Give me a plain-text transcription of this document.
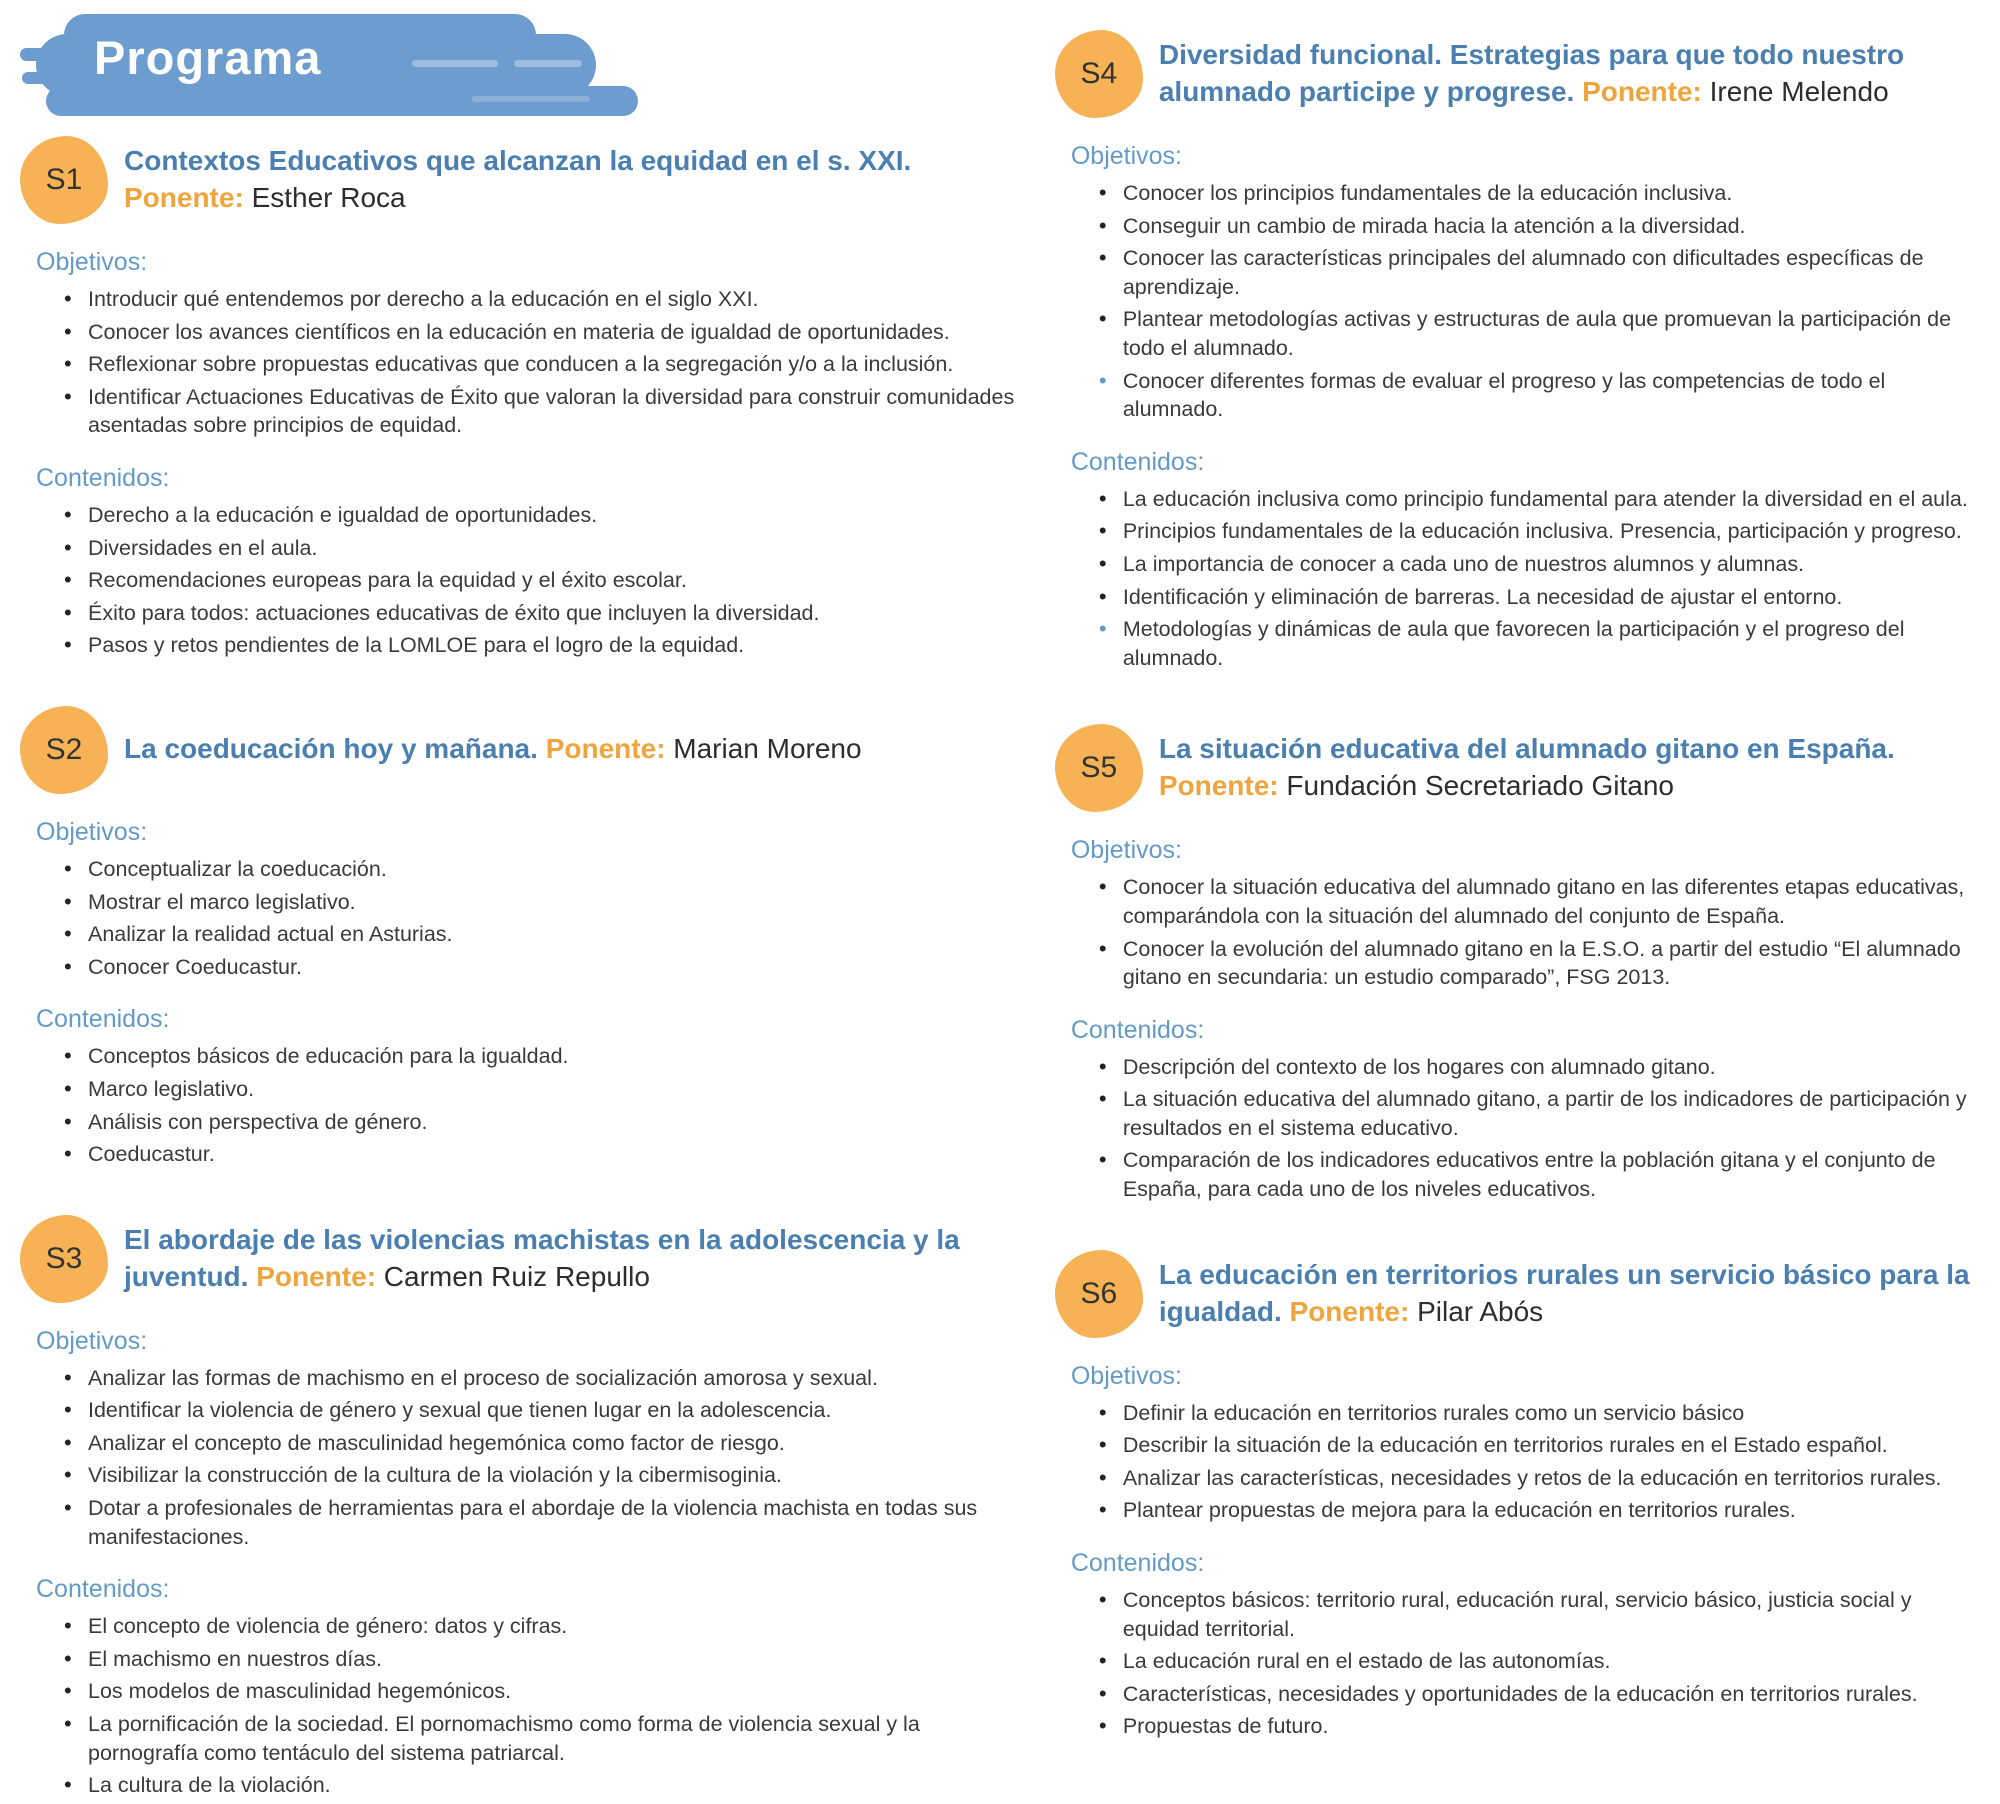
Programa
S1
Contextos Educativos que alcanzan la equidad en el s. XXI. Ponente: Esther Roca
Objetivos:
• Introducir qué entendemos por derecho a la educación en el siglo XXI.
• Conocer los avances científicos en la educación en materia de igualdad de oportunidades.
• Reflexionar sobre propuestas educativas que conducen a la segregación y/o a la inclusión.
• Identificar Actuaciones Educativas de Éxito que valoran la diversidad para construir comunidades asentadas sobre principios de equidad.
Contenidos:
• Derecho a la educación e igualdad de oportunidades.
• Diversidades en el aula.
• Recomendaciones europeas para la equidad y el éxito escolar.
• Éxito para todos: actuaciones educativas de éxito que incluyen la diversidad.
• Pasos y retos pendientes de la LOMLOE para el logro de la equidad.
S2 La coeducación hoy y mañana. Ponente: Marian Moreno
Objetivos:
• Conceptualizar la coeducación.
• Mostrar el marco legislativo.
• Analizar la realidad actual en Asturias.
• Conocer Coeducastur.
Contenidos:
• Conceptos básicos de educación para la igualdad.
• Marco legislativo.
• Análisis con perspectiva de género.
• Coeducastur.
S3
El abordaje de las violencias machistas en la adolescencia y la juventud. Ponente: Carmen Ruiz Repullo
Objetivos:
• Analizar las formas de machismo en el proceso de socialización amorosa y sexual.
• Identificar la violencia de género y sexual que tienen lugar en la adolescencia.
• Analizar el concepto de masculinidad hegemónica como factor de riesgo.
• Visibilizar la construcción de la cultura de la violación y la cibermisoginia.
• Dotar a profesionales de herramientas para el abordaje de la violencia machista en todas sus manifestaciones.
Contenidos:
• El concepto de violencia de género: datos y cifras.
• El machismo en nuestros días.
• Los modelos de masculinidad hegemónicos.
• La pornificación de la sociedad. El pornomachismo como forma de violencia sexual y la pornografía como tentáculo del sistema patriarcal.
• La cultura de la violación.
S4
Diversidad funcional. Estrategias para que todo nuestro alumnado participe y progrese. Ponente: Irene Melendo
Objetivos:
• Conocer los principios fundamentales de la educación inclusiva.
• Conseguir un cambio de mirada hacia la atención a la diversidad.
• Conocer las características principales del alumnado con dificultades específicas de aprendizaje.
• Plantear metodologías activas y estructuras de aula que promuevan la participación de todo el alumnado.
• Conocer diferentes formas de evaluar el progreso y las competencias de todo el alumnado.
Contenidos:
• La educación inclusiva como principio fundamental para atender la diversidad en el aula.
• Principios fundamentales de la educación inclusiva. Presencia, participación y progreso.
• La importancia de conocer a cada uno de nuestros alumnos y alumnas.
• Identificación y eliminación de barreras. La necesidad de ajustar el entorno.
• Metodologías y dinámicas de aula que favorecen la participación y el progreso del alumnado.
S5
La situación educativa del alumnado gitano en España. Ponente: Fundación Secretariado Gitano
Objetivos:
• Conocer la situación educativa del alumnado gitano en las diferentes etapas educativas, comparándola con la situación del alumnado del conjunto de España.
• Conocer la evolución del alumnado gitano en la E.S.O. a partir del estudio “El alumnado gitano en secundaria: un estudio comparado”, FSG 2013.
Contenidos:
• Descripción del contexto de los hogares con alumnado gitano.
• La situación educativa del alumnado gitano, a partir de los indicadores de participación y resultados en el sistema educativo.
• Comparación de los indicadores educativos entre la población gitana y el conjunto de España, para cada uno de los niveles educativos.
S6
La educación en territorios rurales un servicio básico para la igualdad. Ponente: Pilar Abós
Objetivos:
• Definir la educación en territorios rurales como un servicio básico
• Describir la situación de la educación en territorios rurales en el Estado español.
• Analizar las características, necesidades y retos de la educación en territorios rurales.
• Plantear propuestas de mejora para la educación en territorios rurales.
Contenidos:
• Conceptos básicos: territorio rural, educación rural, servicio básico, justicia social y equidad territorial.
• La educación rural en el estado de las autonomías.
• Características, necesidades y oportunidades de la educación en territorios rurales.
• Propuestas de futuro.
